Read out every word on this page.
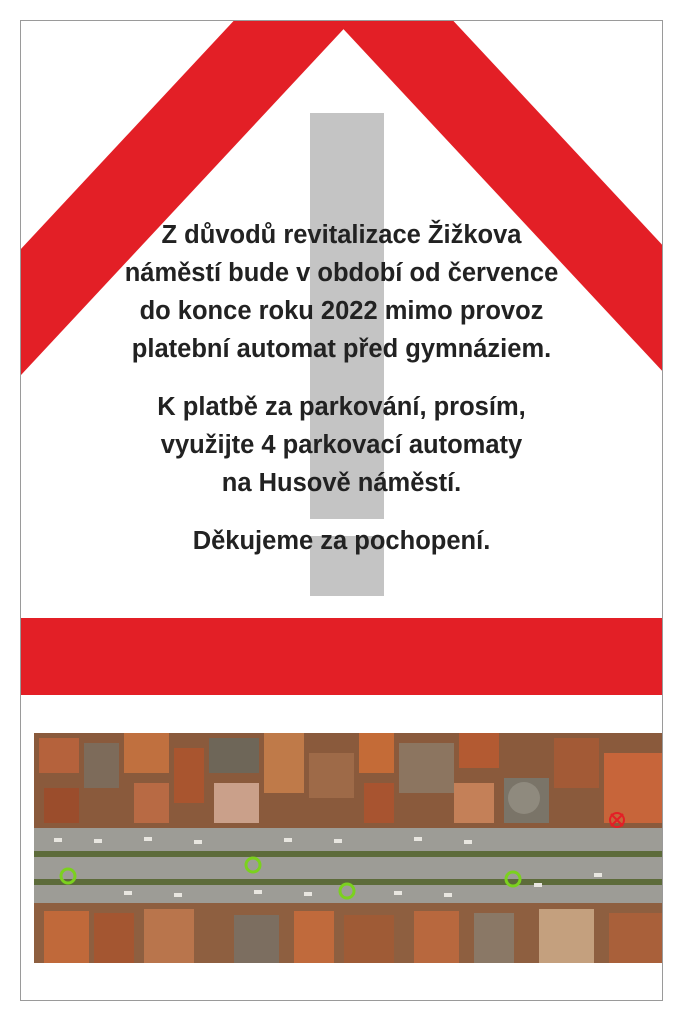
Z důvodů revitalizace Žižkova
náměstí bude v období od července
do konce roku 2022 mimo provoz
platební automat před gymnáziem.

K platbě za parkování, prosím,
využijte 4 parkovací automaty
na Husově náměstí.

Děkujeme za pochopení.
